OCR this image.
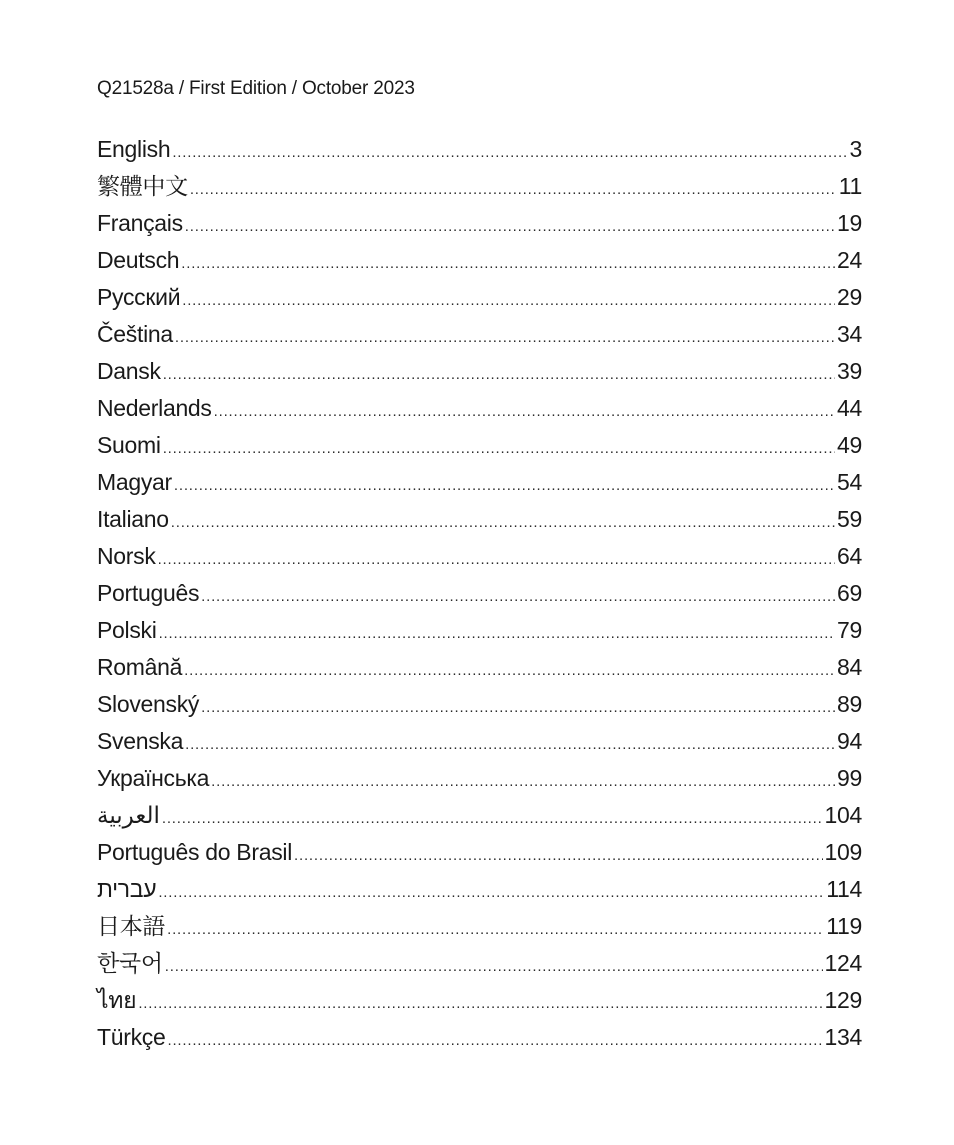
Q21528a / First Edition / October 2023
English .....	3
繁體中文 .....	11
Français .....	19
Deutsch .....	24
Русский .....	29
Čeština .....	34
Dansk .....	39
Nederlands .....	44
Suomi .....	49
Magyar .....	54
Italiano .....	59
Norsk .....	64
Português .....	69
Polski .....	79
Română .....	84
Slovenský .....	89
Svenska .....	94
Українська .....	99
العربية .....	104
Português do Brasil .....	109
עברית .....	114
日本語 .....	119
한국어 .....	124
ไทย .....	129
Türkçe .....	134
